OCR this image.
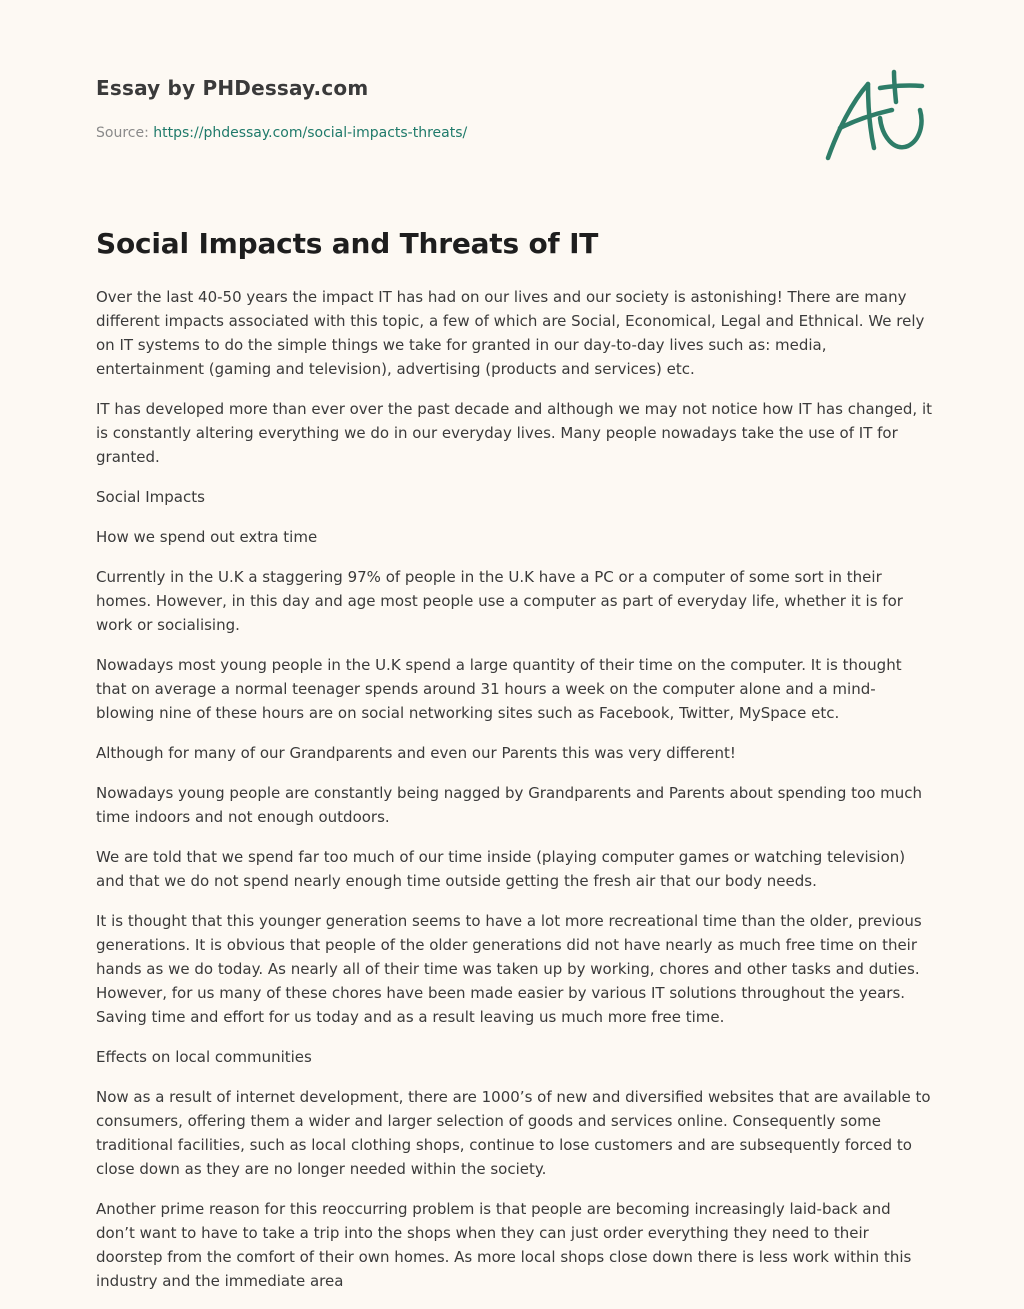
Essay by PHDessay.com
Source: https://phdessay.com/social-impacts-threats/
Social Impacts and Threats of IT

Over the last 40-50 years the impact IT has had on our lives and our society is astonishing! There are many different impacts associated with this topic, a few of which are Social, Economical, Legal and Ethnical. We rely on IT systems to do the simple things we take for granted in our day-to-day lives such as: media, entertainment (gaming and television), advertising (products and services) etc.

IT has developed more than ever over the past decade and although we may not notice how IT has changed, it is constantly altering everything we do in our everyday lives. Many people nowadays take the use of IT for granted.

Social Impacts

How we spend out extra time

Currently in the U.K a staggering 97% of people in the U.K have a PC or a computer of some sort in their homes. However, in this day and age most people use a computer as part of everyday life, whether it is for work or socialising.

Nowadays most young people in the U.K spend a large quantity of their time on the computer. It is thought that on average a normal teenager spends around 31 hours a week on the computer alone and a mind-blowing nine of these hours are on social networking sites such as Facebook, Twitter, MySpace etc.

Although for many of our Grandparents and even our Parents this was very different!

Nowadays young people are constantly being nagged by Grandparents and Parents about spending too much time indoors and not enough outdoors.

We are told that we spend far too much of our time inside (playing computer games or watching television) and that we do not spend nearly enough time outside getting the fresh air that our body needs.

It is thought that this younger generation seems to have a lot more recreational time than the older, previous generations. It is obvious that people of the older generations did not have nearly as much free time on their hands as we do today. As nearly all of their time was taken up by working, chores and other tasks and duties. However, for us many of these chores have been made easier by various IT solutions throughout the years. Saving time and effort for us today and as a result leaving us much more free time.

Effects on local communities

Now as a result of internet development, there are 1000’s of new and diversified websites that are available to consumers, offering them a wider and larger selection of goods and services online. Consequently some traditional facilities, such as local clothing shops, continue to lose customers and are subsequently forced to close down as they are no longer needed within the society.

Another prime reason for this reoccurring problem is that people are becoming increasingly laid-back and don’t want to have to take a trip into the shops when they can just order everything they need to their doorstep from the comfort of their own homes. As more local shops close down there is less work within this industry and the immediate area
